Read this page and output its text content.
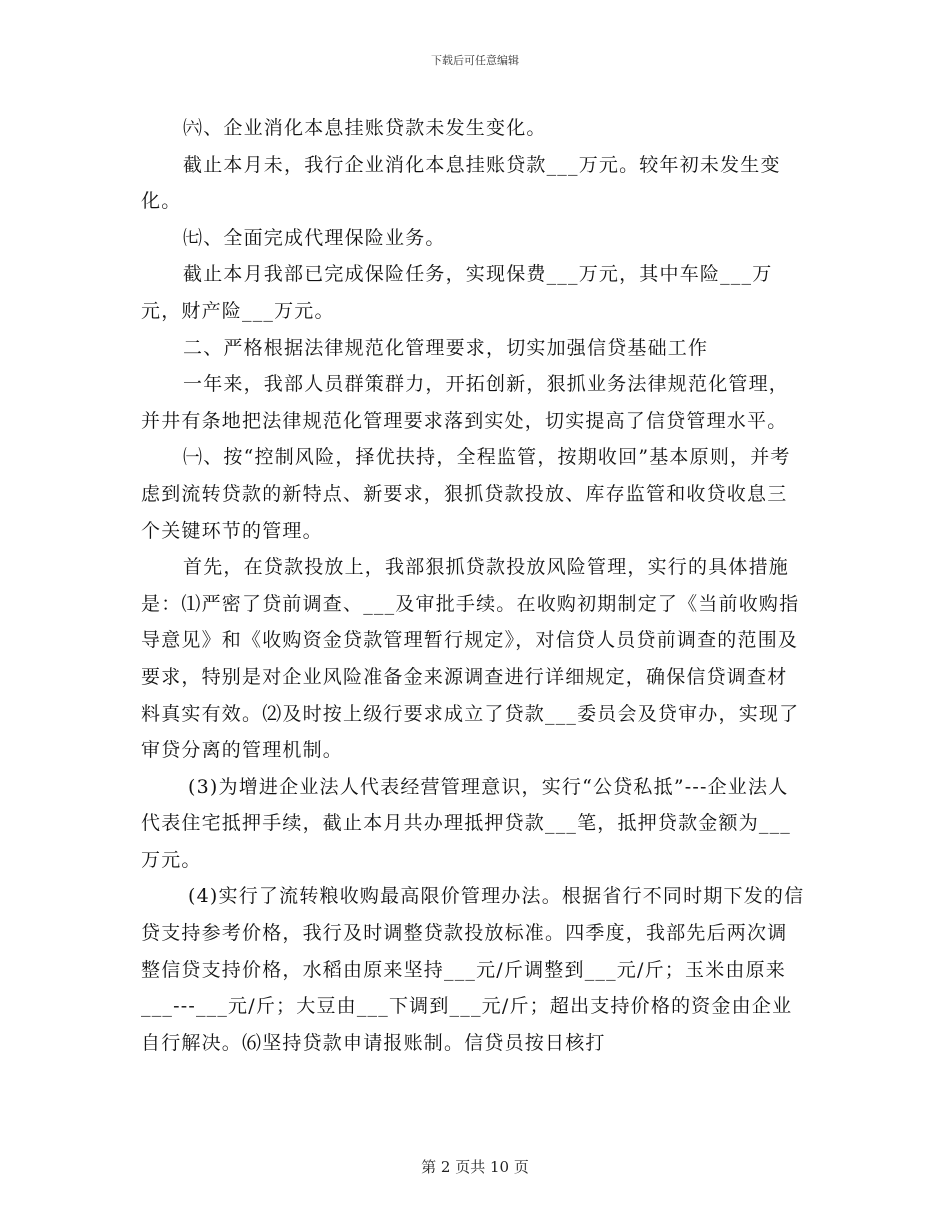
下载后可任意编辑

㈥、企业消化本息挂账贷款未发生变化。

截止本月未，我行企业消化本息挂账贷款___万元。较年初未发生变化。

㈦、全面完成代理保险业务。

截止本月我部已完成保险任务，实现保费___万元，其中车险___万元，财产险___万元。

二、严格根据法律规范化管理要求，切实加强信贷基础工作

一年来，我部人员群策群力，开拓创新，狠抓业务法律规范化管理，并井有条地把法律规范化管理要求落到实处，切实提高了信贷管理水平。

㈠、按“控制风险，择优扶持，全程监管，按期收回”基本原则，并考虑到流转贷款的新特点、新要求，狠抓贷款投放、库存监管和收贷收息三个关键环节的管理。

首先，在贷款投放上，我部狠抓贷款投放风险管理，实行的具体措施是：⑴严密了贷前调查、___及审批手续。在收购初期制定了《当前收购指导意见》和《收购资金贷款管理暂行规定》，对信贷人员贷前调查的范围及要求，特别是对企业风险准备金来源调查进行详细规定，确保信贷调查材料真实有效。⑵及时按上级行要求成立了贷款___委员会及贷审办，实现了审贷分离的管理机制。

(3)为增进企业法人代表经营管理意识，实行“公贷私抵”---企业法人代表住宅抵押手续，截止本月共办理抵押贷款___笔，抵押贷款金额为___万元。

(4)实行了流转粮收购最高限价管理办法。根据省行不同时期下发的信贷支持参考价格，我行及时调整贷款投放标准。四季度，我部先后两次调整信贷支持价格，水稻由原来坚持___元/斤调整到___元/斤；玉米由原来___---___元/斤；大豆由___下调到___元/斤；超出支持价格的资金由企业自行解决。⑹坚持贷款申请报账制。信贷员按日核打

第 2 页共 10 页
